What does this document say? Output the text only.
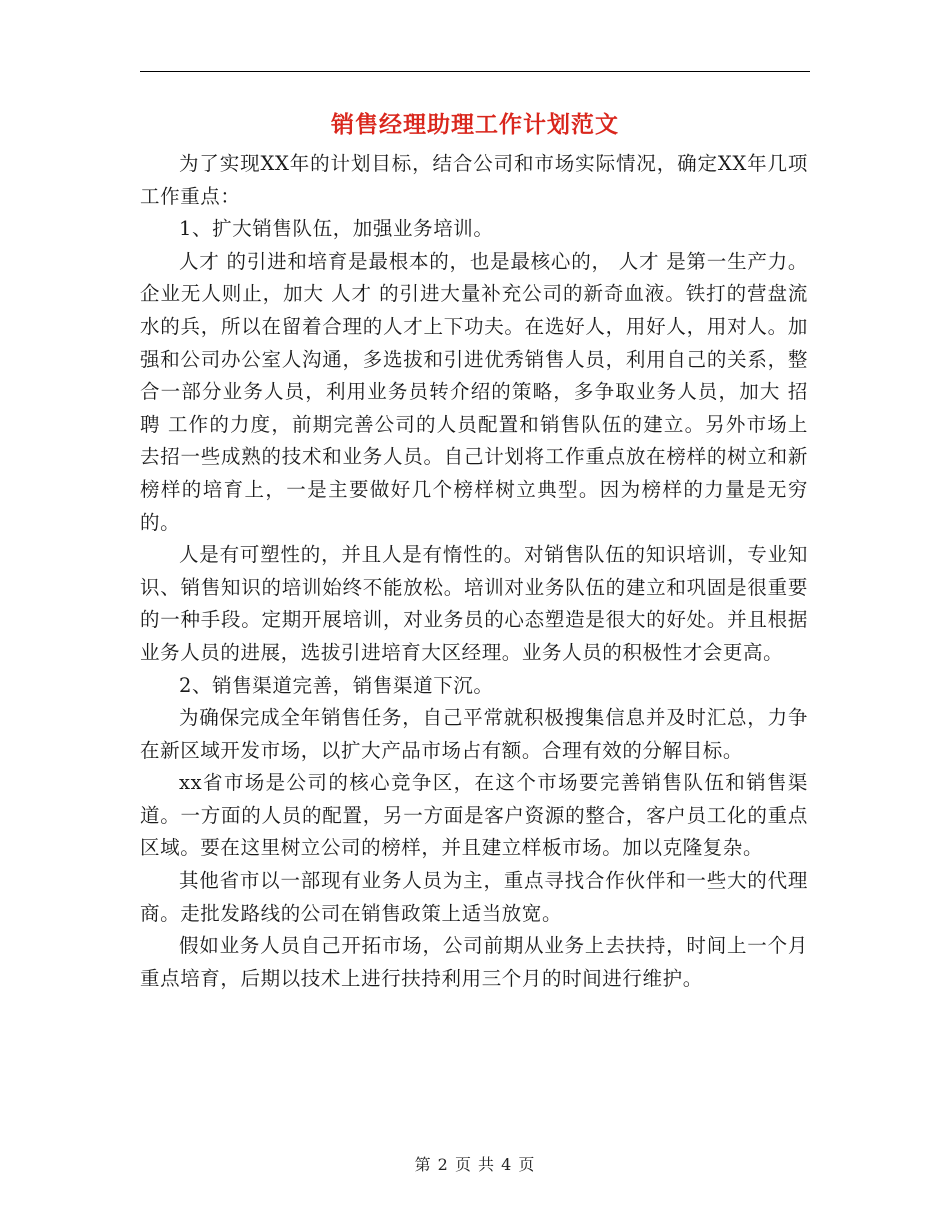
销售经理助理工作计划范文

为了实现XX年的计划目标，结合公司和市场实际情况，确定XX年几项工作重点：

1、扩大销售队伍，加强业务培训。

人才 的引进和培育是最根本的，也是最核心的， 人才 是第一生产力。企业无人则止，加大 人才 的引进大量补充公司的新奇血液。铁打的营盘流水的兵，所以在留着合理的人才上下功夫。在选好人，用好人，用对人。加强和公司办公室人沟通，多选拔和引进优秀销售人员，利用自己的关系，整合一部分业务人员，利用业务员转介绍的策略，多争取业务人员，加大 招聘 工作的力度，前期完善公司的人员配置和销售队伍的建立。另外市场上去招一些成熟的技术和业务人员。自己计划将工作重点放在榜样的树立和新榜样的培育上，一是主要做好几个榜样树立典型。因为榜样的力量是无穷的。

人是有可塑性的，并且人是有惰性的。对销售队伍的知识培训，专业知识、销售知识的培训始终不能放松。培训对业务队伍的建立和巩固是很重要的一种手段。定期开展培训，对业务员的心态塑造是很大的好处。并且根据业务人员的进展，选拔引进培育大区经理。业务人员的积极性才会更高。

2、销售渠道完善，销售渠道下沉。

为确保完成全年销售任务，自己平常就积极搜集信息并及时汇总，力争在新区域开发市场，以扩大产品市场占有额。合理有效的分解目标。

xx省市场是公司的核心竞争区，在这个市场要完善销售队伍和销售渠道。一方面的人员的配置，另一方面是客户资源的整合，客户员工化的重点区域。要在这里树立公司的榜样，并且建立样板市场。加以克隆复杂。

其他省市以一部现有业务人员为主，重点寻找合作伙伴和一些大的代理商。走批发路线的公司在销售政策上适当放宽。

假如业务人员自己开拓市场，公司前期从业务上去扶持，时间上一个月重点培育，后期以技术上进行扶持利用三个月的时间进行维护。

第 2 页 共 4 页
